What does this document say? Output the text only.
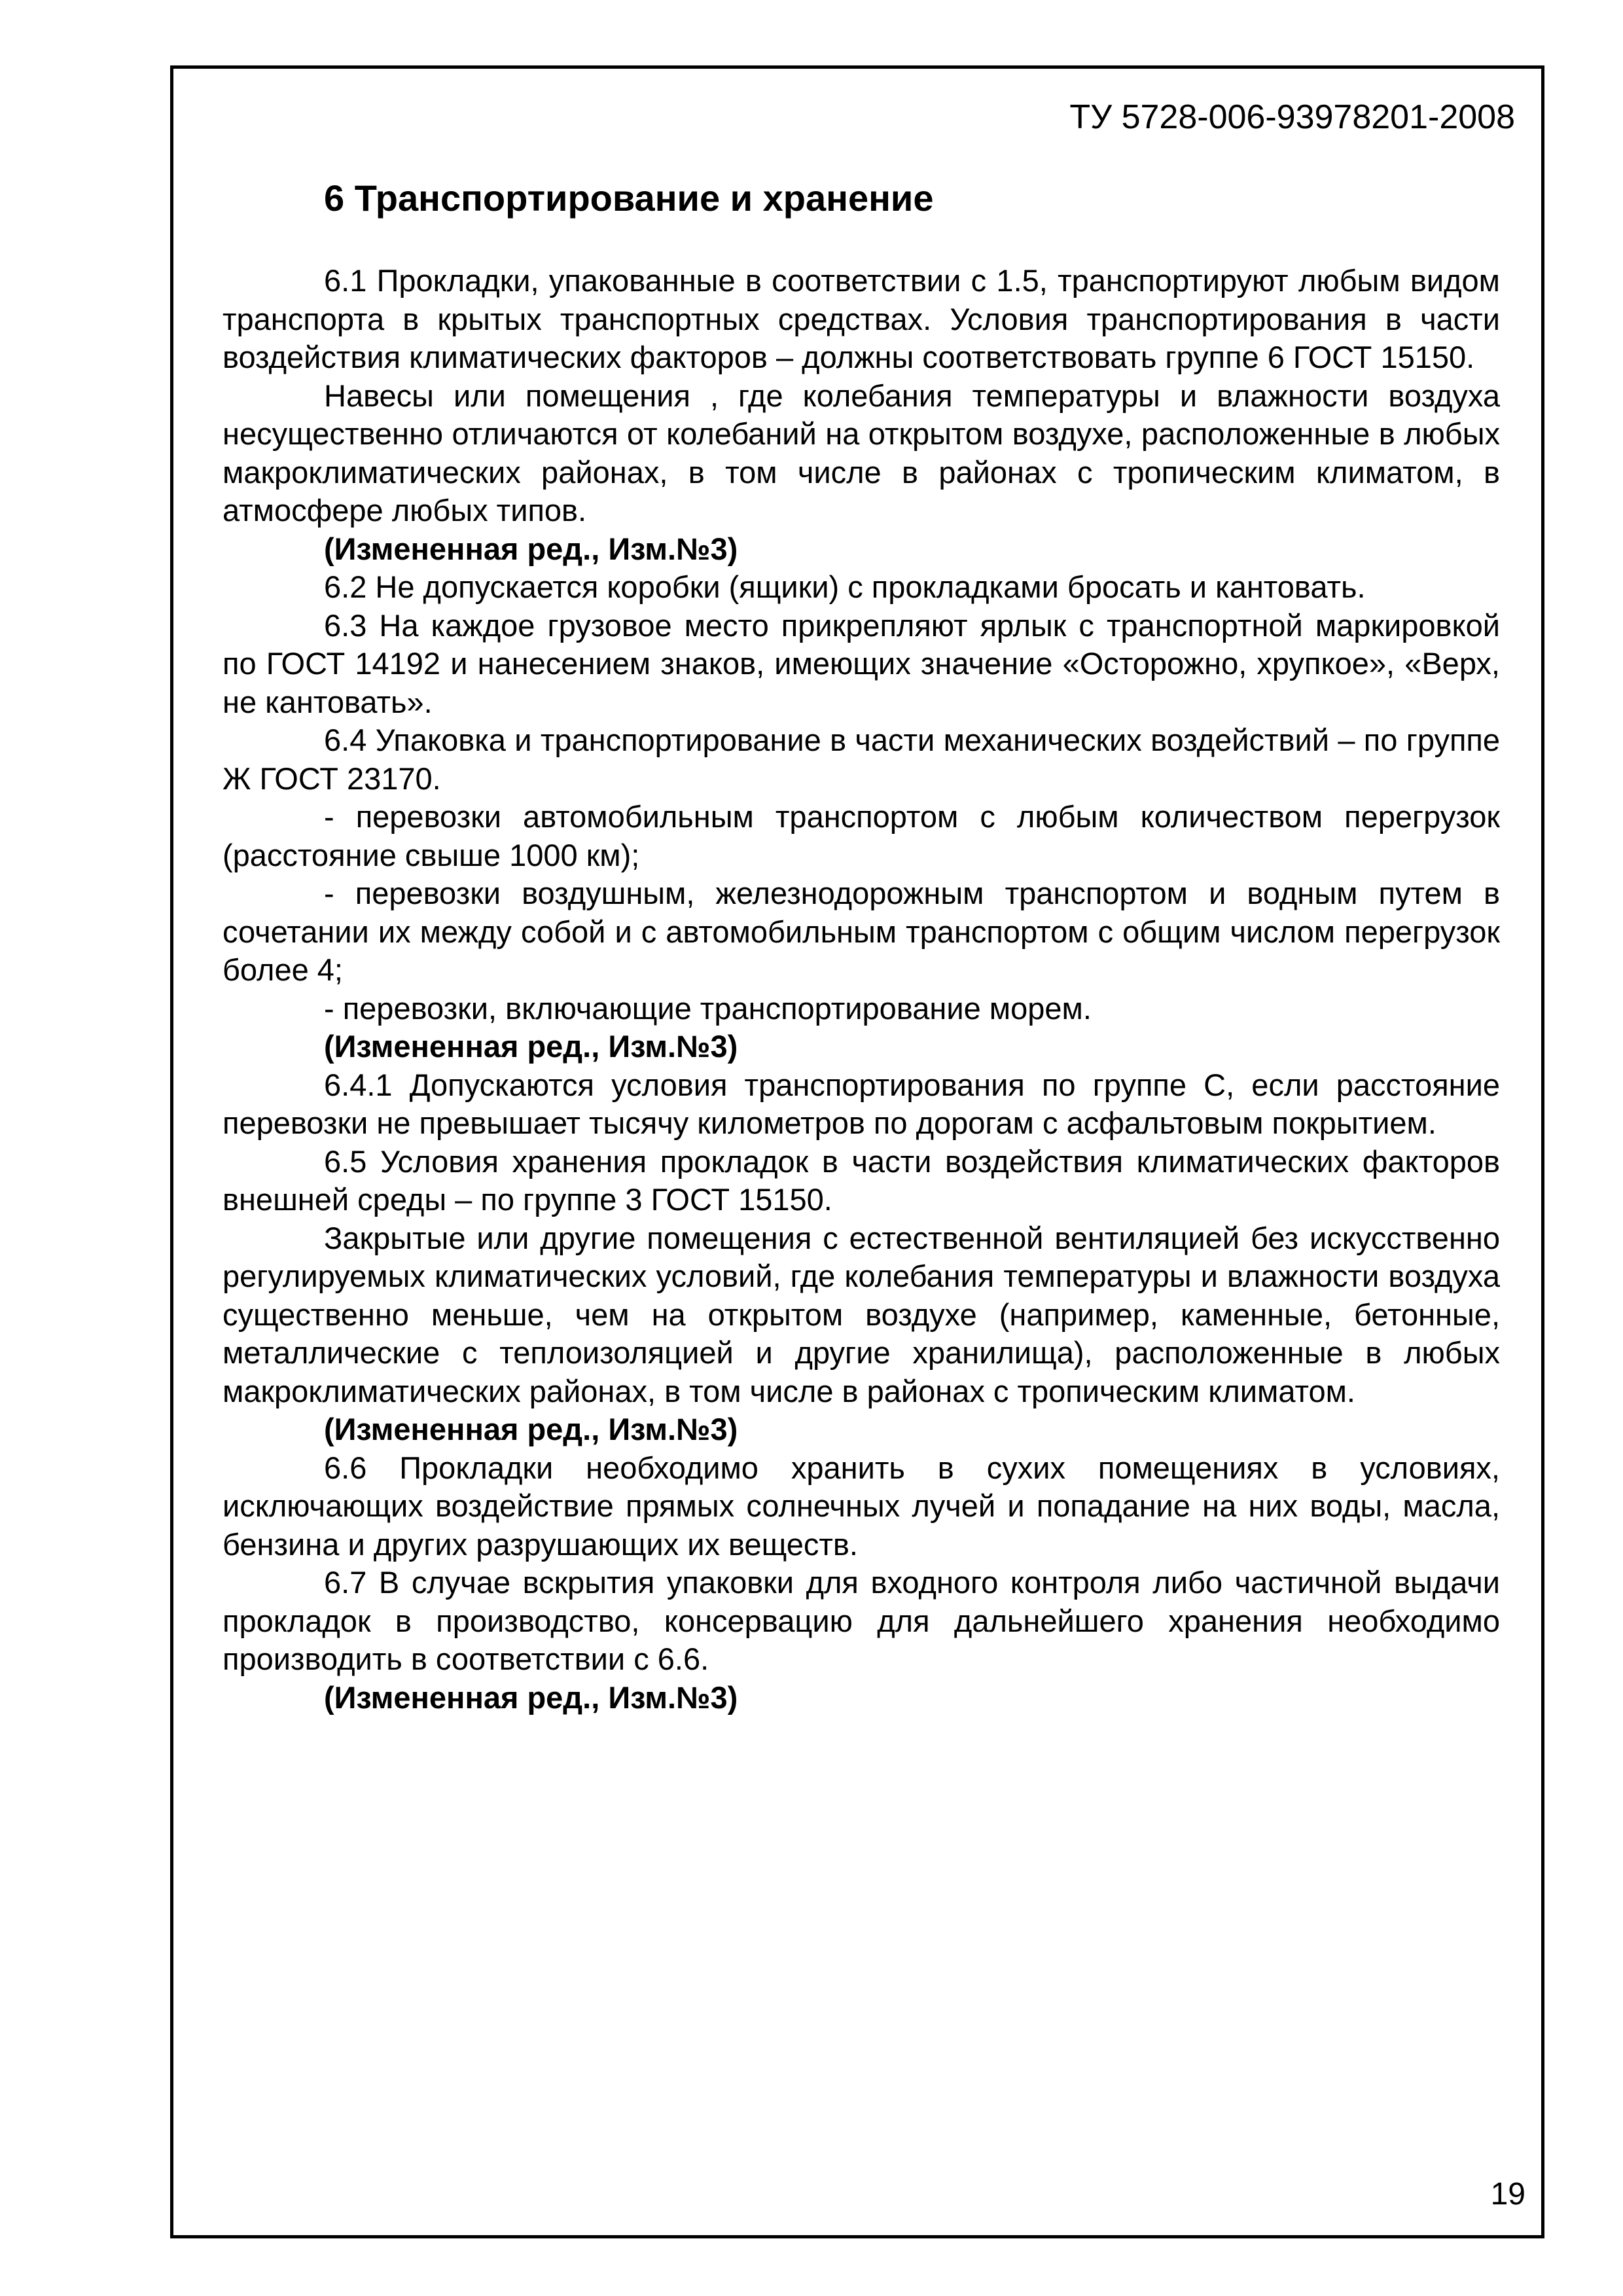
ТУ 5728-006-93978201-2008

6 Транспортирование и хранение

6.1 Прокладки, упакованные в соответствии с 1.5, транспортируют любым видом транспорта в крытых транспортных средствах. Условия транспортирования в части воздействия климатических факторов – должны соответствовать группе 6 ГОСТ 15150.

Навесы или помещения , где колебания температуры и влажности воздуха несущественно отличаются от колебаний на открытом воздухе, расположенные в любых макроклиматических районах, в том числе в районах с тропическим климатом, в атмосфере любых типов.

(Измененная ред., Изм.№3)

6.2 Не допускается коробки (ящики) с прокладками бросать и кантовать.

6.3 На каждое грузовое место прикрепляют ярлык с транспортной маркировкой по ГОСТ 14192 и нанесением знаков, имеющих значение «Осторожно, хрупкое», «Верх, не кантовать».

6.4 Упаковка и транспортирование в части механических воздействий – по группе Ж ГОСТ 23170.

- перевозки автомобильным транспортом с любым количеством перегрузок (расстояние свыше 1000 км);

- перевозки воздушным, железнодорожным транспортом и водным путем в сочетании их между собой и с автомобильным транспортом с общим числом перегрузок более 4;

- перевозки, включающие транспортирование морем.

(Измененная ред., Изм.№3)

6.4.1 Допускаются условия транспортирования по группе С, если расстояние перевозки не превышает тысячу километров по дорогам с асфальтовым покрытием.

6.5 Условия хранения прокладок в части воздействия климатических факторов внешней среды – по группе 3 ГОСТ 15150.

Закрытые или другие помещения с естественной вентиляцией без искусственно регулируемых климатических условий, где колебания температуры и влажности воздуха существенно меньше, чем на открытом воздухе (например, каменные, бетонные, металлические с теплоизоляцией и другие хранилища), расположенные в любых макроклиматических районах, в том числе в районах с тропическим климатом.

(Измененная ред., Изм.№3)

6.6 Прокладки необходимо хранить в сухих помещениях в условиях, исключающих воздействие прямых солнечных лучей и попадание на них воды, масла, бензина и других разрушающих их веществ.

6.7 В случае вскрытия упаковки для входного контроля либо частичной выдачи прокладок в производство, консервацию для дальнейшего хранения необходимо производить в соответствии с 6.6.

(Измененная ред., Изм.№3)

19
